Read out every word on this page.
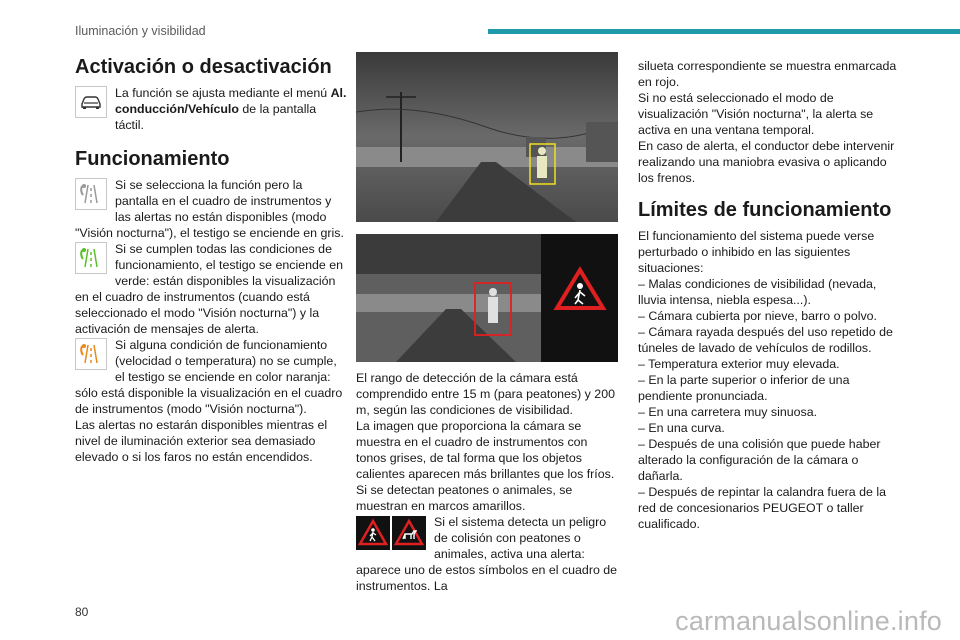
Iluminación y visibilidad
Activación o desactivación

La función se ajusta mediante el menú Al. conducción/Vehículo de la pantalla táctil.

Funcionamiento

Si se selecciona la función pero la pantalla en el cuadro de instrumentos y las alertas no están disponibles (modo "Visión nocturna"), el testigo se enciende en gris.

Si se cumplen todas las condiciones de funcionamiento, el testigo se enciende en verde: están disponibles la visualización en el cuadro de instrumentos (cuando está seleccionado el modo "Visión nocturna") y la activación de mensajes de alerta.

Si alguna condición de funcionamiento (velocidad o temperatura) no se cumple, el testigo se enciende en color naranja: sólo está disponible la visualización en el cuadro de instrumentos (modo "Visión nocturna").

Las alertas no estarán disponibles mientras el nivel de iluminación exterior sea demasiado elevado o si los faros no están encendidos.

El rango de detección de la cámara está comprendido entre 15 m (para peatones) y 200 m, según las condiciones de visibilidad.

La imagen que proporciona la cámara se muestra en el cuadro de instrumentos con tonos grises, de tal forma que los objetos calientes aparecen más brillantes que los fríos.

Si se detectan peatones o animales, se muestran en marcos amarillos.

Si el sistema detecta un peligro de colisión con peatones o animales, activa una alerta: aparece uno de estos símbolos en el cuadro de instrumentos. La

silueta correspondiente se muestra enmarcada en rojo.

Si no está seleccionado el modo de visualización "Visión nocturna", la alerta se activa en una ventana temporal.

En caso de alerta, el conductor debe intervenir realizando una maniobra evasiva o aplicando los frenos.

Límites de funcionamiento

El funcionamiento del sistema puede verse perturbado o inhibido en las siguientes situaciones:

– Malas condiciones de visibilidad (nevada, lluvia intensa, niebla espesa...).

– Cámara cubierta por nieve, barro o polvo.

– Cámara rayada después del uso repetido de túneles de lavado de vehículos de rodillos.

– Temperatura exterior muy elevada.

– En la parte superior o inferior de una pendiente pronunciada.

– En una carretera muy sinuosa.

– En una curva.

– Después de una colisión que puede haber alterado la configuración de la cámara o dañarla.

– Después de repintar la calandra fuera de la red de concesionarios PEUGEOT o taller cualificado.

80	carmanualsonline.info
